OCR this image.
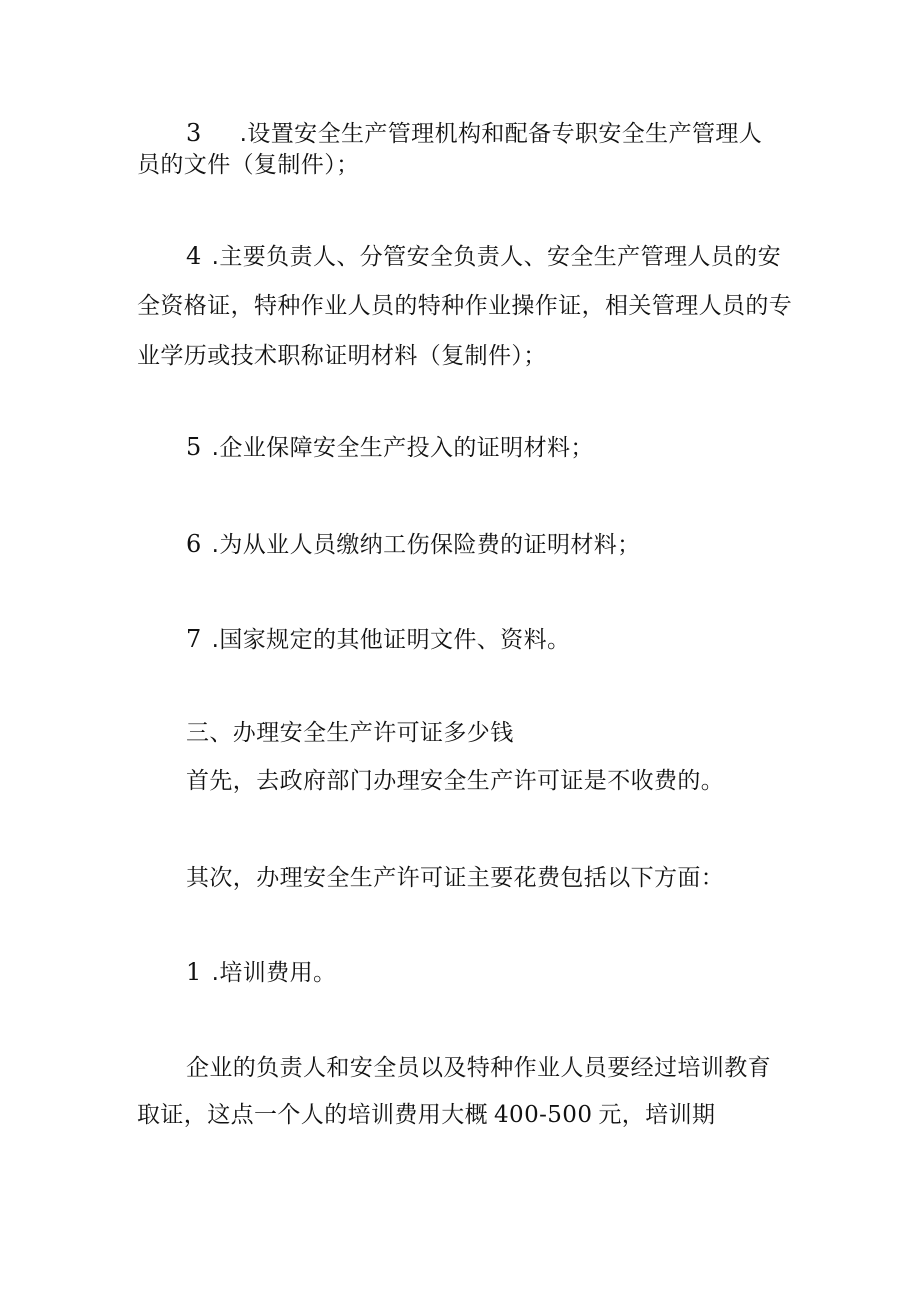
3 .设置安全生产管理机构和配备专职安全生产管理人
员的文件（复制件）；
4 .主要负责人、分管安全负责人、安全生产管理人员的安
全资格证，特种作业人员的特种作业操作证，相关管理人员的专
业学历或技术职称证明材料（复制件）；
5 .企业保障安全生产投入的证明材料；
6 .为从业人员缴纳工伤保险费的证明材料；
7 .国家规定的其他证明文件、资料。
三、办理安全生产许可证多少钱
首先，去政府部门办理安全生产许可证是不收费的。
其次，办理安全生产许可证主要花费包括以下方面：
1 .培训费用。
企业的负责人和安全员以及特种作业人员要经过培训教育
取证，这点一个人的培训费用大概 400-500 元，培训期
